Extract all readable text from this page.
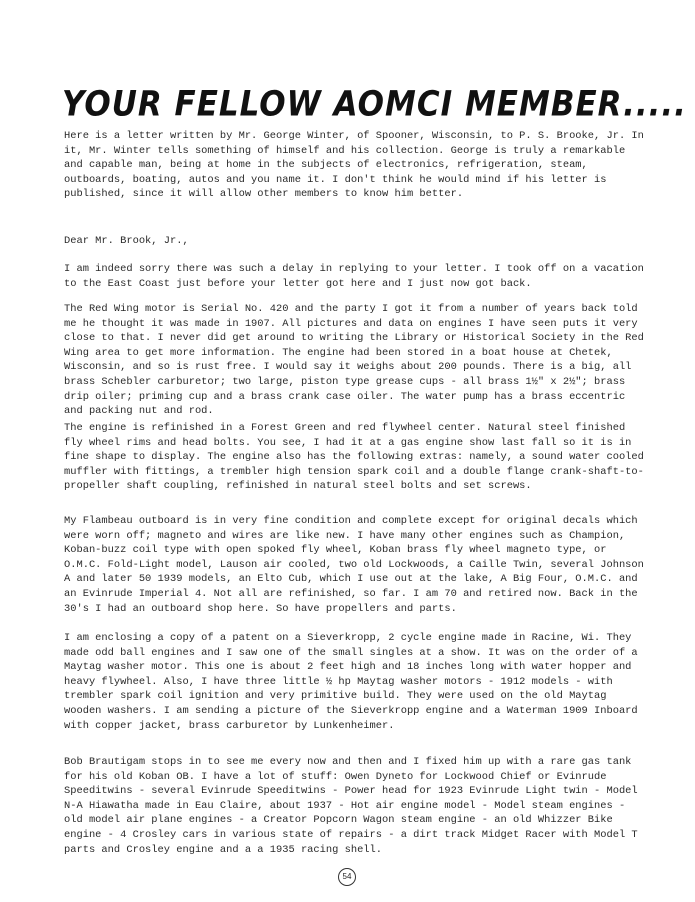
YOUR FELLOW AOMCI MEMBER.....

Here is a letter written by Mr. George Winter, of Spooner, Wisconsin, to P. S. Brooke, Jr. In it, Mr. Winter tells something of himself and his collection. George is truly a remarkable and capable man, being at home in the subjects of electronics, refrigeration, steam, outboards, boating, autos and you name it. I don't think he would mind if his letter is published, since it will allow other members to know him better.

Dear Mr. Brook, Jr.,

I am indeed sorry there was such a delay in replying to your letter. I took off on a vacation to the East Coast just before your letter got here and I just now got back.

The Red Wing motor is Serial No. 420 and the party I got it from a number of years back told me he thought it was made in 1907. All pictures and data on engines I have seen puts it very close to that. I never did get around to writing the Library or Historical Society in the Red Wing area to get more information. The engine had been stored in a boat house at Chetek, Wisconsin, and so is rust free. I would say it weighs about 200 pounds. There is a big, all brass Schebler carburetor; two large, piston type grease cups - all brass 1½" x 2½"; brass drip oiler; priming cup and a brass crank case oiler. The water pump has a brass eccentric and packing nut and rod.

The engine is refinished in a Forest Green and red flywheel center. Natural steel finished fly wheel rims and head bolts. You see, I had it at a gas engine show last fall so it is in fine shape to display. The engine also has the following extras: namely, a sound water cooled muffler with fittings, a trembler high tension spark coil and a double flange crank-shaft-to-propeller shaft coupling, refinished in natural steel bolts and set screws.

My Flambeau outboard is in very fine condition and complete except for original decals which were worn off; magneto and wires are like new. I have many other engines such as Champion, Koban-buzz coil type with open spoked fly wheel, Koban brass fly wheel magneto type, or O.M.C. Fold-Light model, Lauson air cooled, two old Lockwoods, a Caille Twin, several Johnson A and later 50 1939 models, an Elto Cub, which I use out at the lake, A Big Four, O.M.C. and an Evinrude Imperial 4. Not all are refinished, so far. I am 70 and retired now. Back in the 30's I had an outboard shop here. So have propellers and parts.

I am enclosing a copy of a patent on a Sieverkropp, 2 cycle engine made in Racine, Wi. They made odd ball engines and I saw one of the small singles at a show. It was on the order of a Maytag washer motor. This one is about 2 feet high and 18 inches long with water hopper and heavy flywheel. Also, I have three little ½ hp Maytag washer motors - 1912 models - with trembler spark coil ignition and very primitive build. They were used on the old Maytag wooden washers. I am sending a picture of the Sieverkropp engine and a Waterman 1909 Inboard with copper jacket, brass carburetor by Lunkenheimer.

Bob Brautigam stops in to see me every now and then and I fixed him up with a rare gas tank for his old Koban OB. I have a lot of stuff: Owen Dyneto for Lockwood Chief or Evinrude Speeditwins - several Evinrude Speeditwins - Power head for 1923 Evinrude Light twin - Model N-A Hiawatha made in Eau Claire, about 1937 - Hot air engine model - Model steam engines - old model air plane engines - a Creator Popcorn Wagon steam engine - an old Whizzer Bike engine - 4 Crosley cars in various state of repairs - a dirt track Midget Racer with Model T parts and Crosley engine and a a 1935 racing shell.

54
